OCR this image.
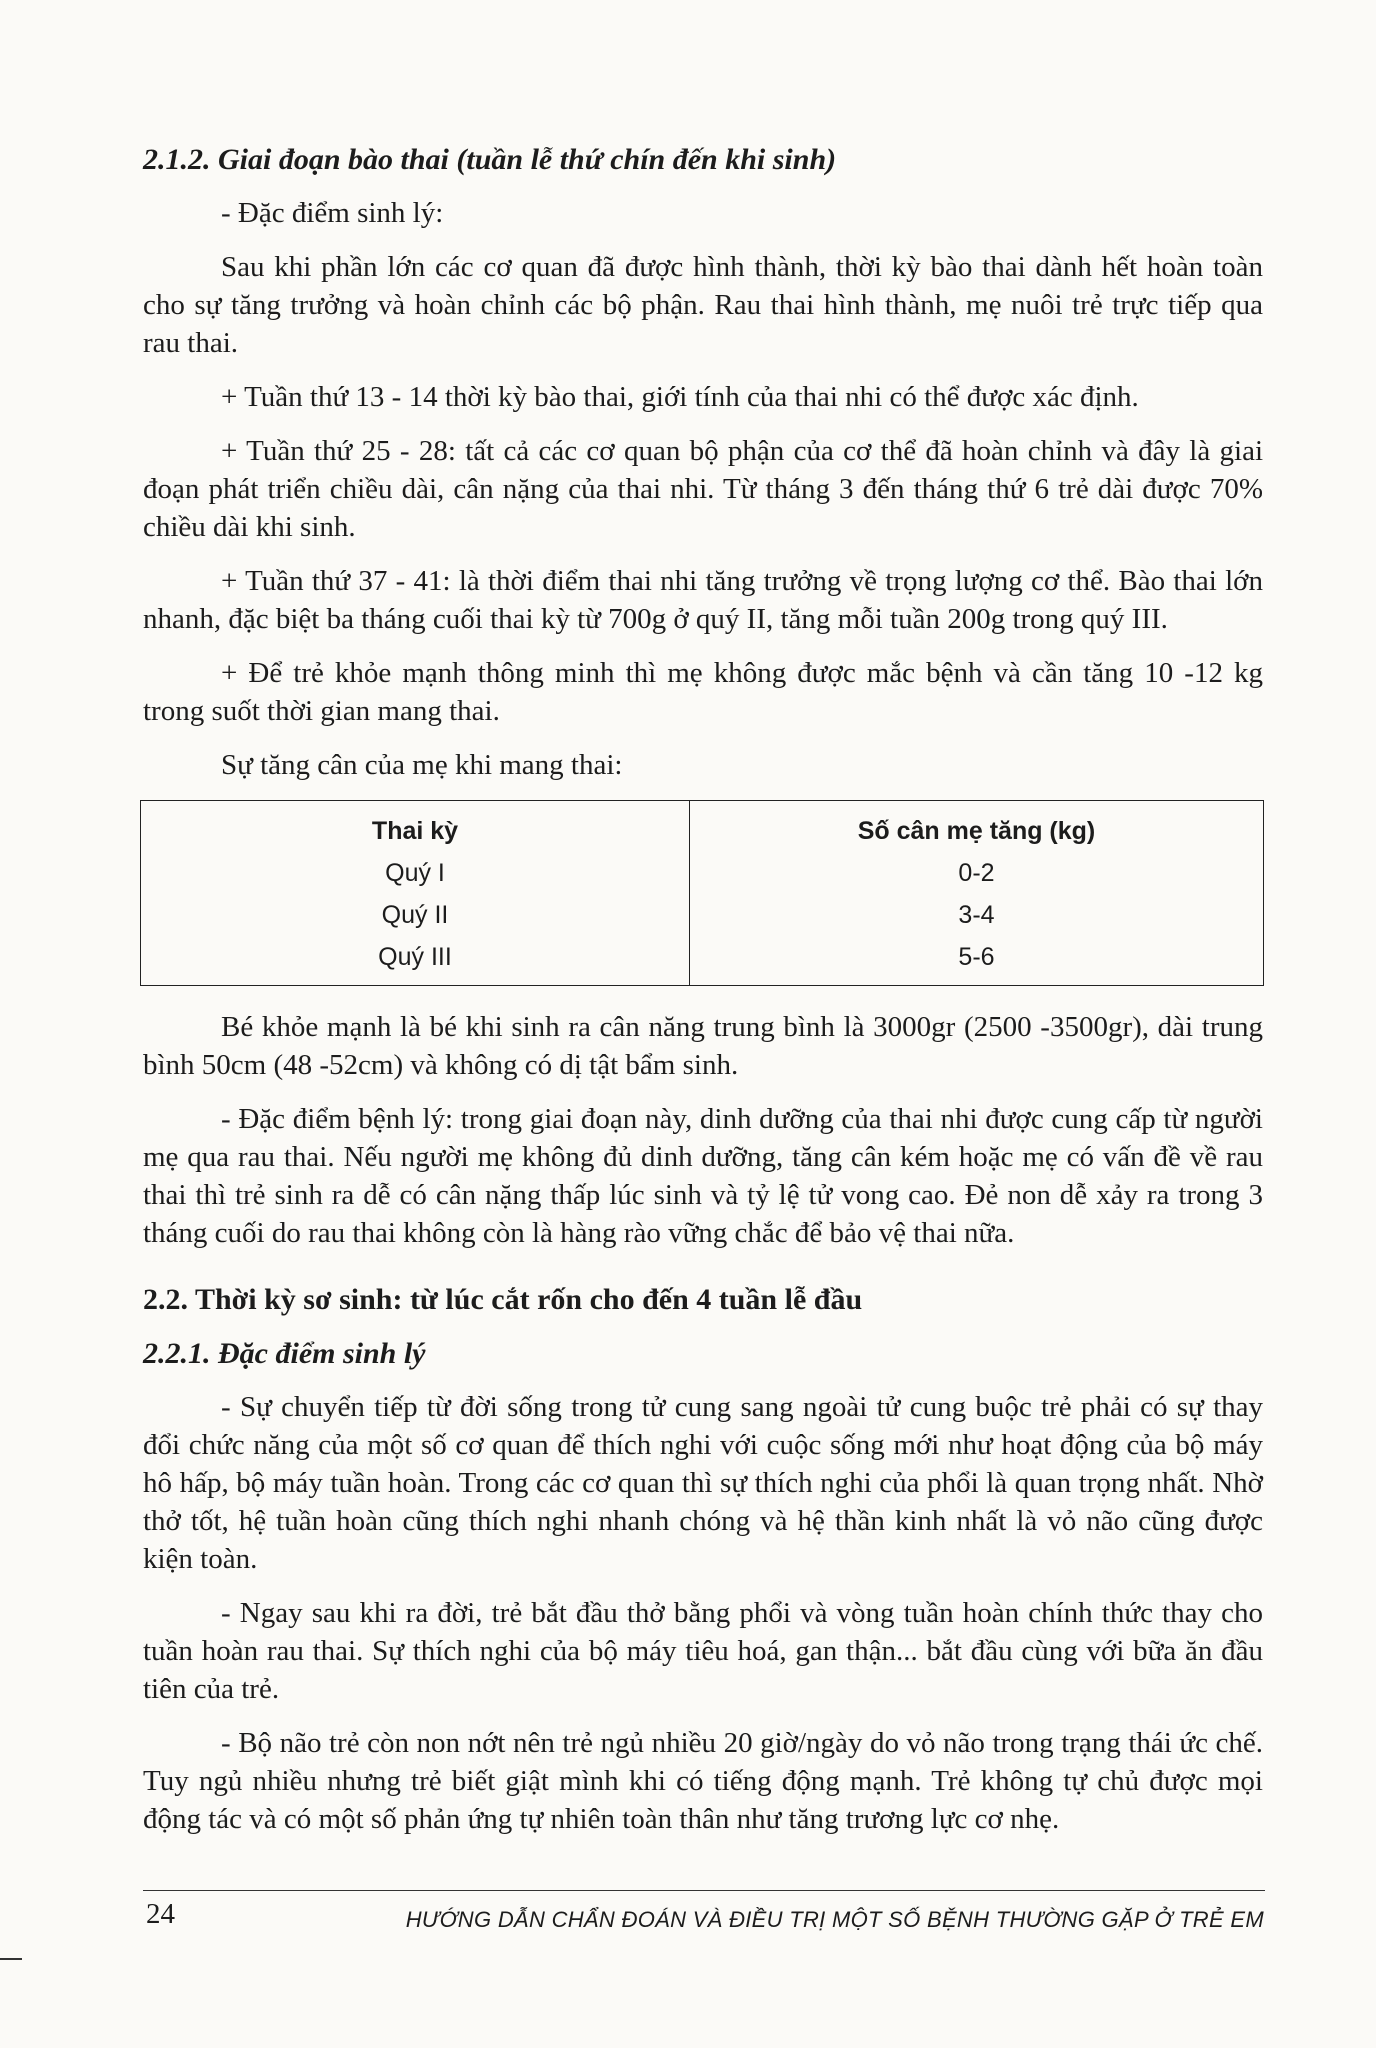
2.1.2. Giai đoạn bào thai (tuần lễ thứ chín đến khi sinh)

- Đặc điểm sinh lý:

Sau khi phần lớn các cơ quan đã được hình thành, thời kỳ bào thai dành hết hoàn toàn cho sự tăng trưởng và hoàn chỉnh các bộ phận. Rau thai hình thành, mẹ nuôi trẻ trực tiếp qua rau thai.

+ Tuần thứ 13 - 14 thời kỳ bào thai, giới tính của thai nhi có thể được xác định.

+ Tuần thứ 25 - 28: tất cả các cơ quan bộ phận của cơ thể đã hoàn chỉnh và đây là giai đoạn phát triển chiều dài, cân nặng của thai nhi. Từ tháng 3 đến tháng thứ 6 trẻ dài được 70% chiều dài khi sinh.

+ Tuần thứ 37 - 41: là thời điểm thai nhi tăng trưởng về trọng lượng cơ thể. Bào thai lớn nhanh, đặc biệt ba tháng cuối thai kỳ từ 700g ở quý II, tăng mỗi tuần 200g trong quý III.

+ Để trẻ khỏe mạnh thông minh thì mẹ không được mắc bệnh và cần tăng 10 -12 kg trong suốt thời gian mang thai.

Sự tăng cân của mẹ khi mang thai:

Thai kỳ	Số cân mẹ tăng (kg)
Quý I	0-2
Quý II	3-4
Quý III	5-6

Bé khỏe mạnh là bé khi sinh ra cân năng trung bình là 3000gr (2500 -3500gr), dài trung bình 50cm (48 -52cm) và không có dị tật bẩm sinh.

- Đặc điểm bệnh lý: trong giai đoạn này, dinh dưỡng của thai nhi được cung cấp từ người mẹ qua rau thai. Nếu người mẹ không đủ dinh dưỡng, tăng cân kém hoặc mẹ có vấn đề về rau thai thì trẻ sinh ra dễ có cân nặng thấp lúc sinh và tỷ lệ tử vong cao. Đẻ non dễ xảy ra trong 3 tháng cuối do rau thai không còn là hàng rào vững chắc để bảo vệ thai nữa.

2.2. Thời kỳ sơ sinh: từ lúc cắt rốn cho đến 4 tuần lễ đầu
2.2.1. Đặc điểm sinh lý

- Sự chuyển tiếp từ đời sống trong tử cung sang ngoài tử cung buộc trẻ phải có sự thay đổi chức năng của một số cơ quan để thích nghi với cuộc sống mới như hoạt động của bộ máy hô hấp, bộ máy tuần hoàn. Trong các cơ quan thì sự thích nghi của phổi là quan trọng nhất. Nhờ thở tốt, hệ tuần hoàn cũng thích nghi nhanh chóng và hệ thần kinh nhất là vỏ não cũng được kiện toàn.

- Ngay sau khi ra đời, trẻ bắt đầu thở bằng phổi và vòng tuần hoàn chính thức thay cho tuần hoàn rau thai. Sự thích nghi của bộ máy tiêu hoá, gan thận... bắt đầu cùng với bữa ăn đầu tiên của trẻ.

- Bộ não trẻ còn non nớt nên trẻ ngủ nhiều 20 giờ/ngày do vỏ não trong trạng thái ức chế. Tuy ngủ nhiều nhưng trẻ biết giật mình khi có tiếng động mạnh. Trẻ không tự chủ được mọi động tác và có một số phản ứng tự nhiên toàn thân như tăng trương lực cơ nhẹ.

24	HƯỚNG DẪN CHẨN ĐOÁN VÀ ĐIỀU TRỊ MỘT SỐ BỆNH THƯỜNG GẶP Ở TRẺ EM
